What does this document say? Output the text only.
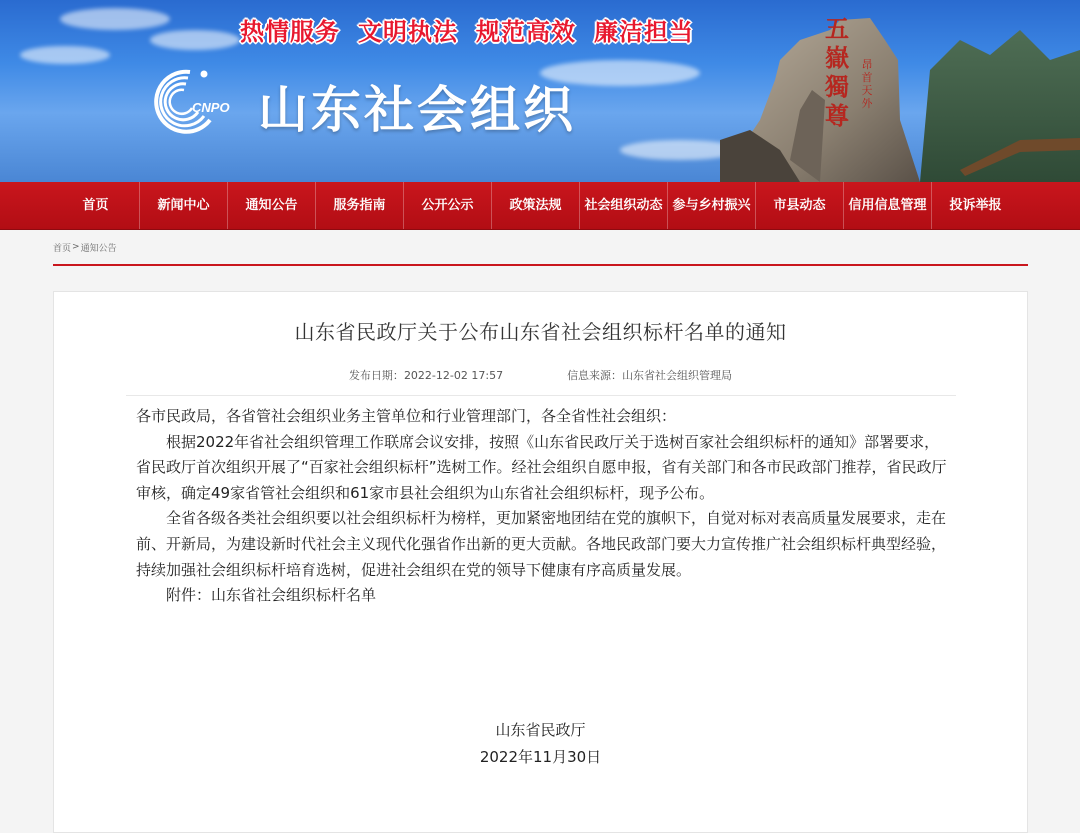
热情服务 文明执法 规范高效 廉洁担当
CNPO 山东社会组织
五嶽獨尊
昂首天外
首页	新闻中心	通知公告	服务指南	公开公示	政策法规	社会组织动态 参与乡村振兴	市县动态	信用信息管理	投诉举报
首页 > 通知公告
山东省民政厅关于公布山东省社会组织标杆名单的通知
发布日期：2022-12-02 17:57	信息来源：山东省社会组织管理局

各市民政局，各省管社会组织业务主管单位和行业管理部门，各全省性社会组织：

根据2022年省社会组织管理工作联席会议安排，按照《山东省民政厅关于选树百家社会组织标杆的通知》部署要求，省民政厅首次组织开展了“百家社会组织标杆”选树工作。经社会组织自愿申报，省有关部门和各市民政部门推荐，省民政厅审核，确定49家省管社会组织和61家市县社会组织为山东省社会组织标杆，现予公布。

全省各级各类社会组织要以社会组织标杆为榜样，更加紧密地团结在党的旗帜下，自觉对标对表高质量发展要求，走在前、开新局，为建设新时代社会主义现代化强省作出新的更大贡献。各地民政部门要大力宣传推广社会组织标杆典型经验，持续加强社会组织标杆培育选树，促进社会组织在党的领导下健康有序高质量发展。

附件：山东省社会组织标杆名单

山东省民政厅
2022年11月30日
